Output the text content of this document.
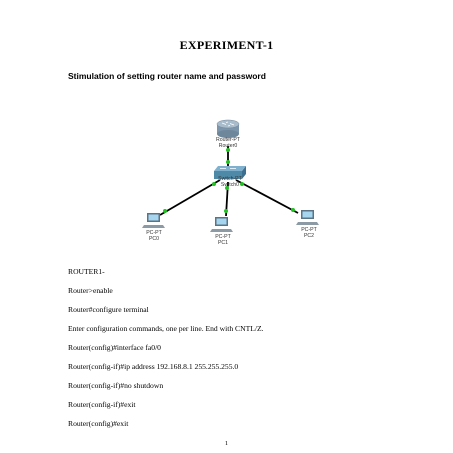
EXPERIMENT-1
Stimulation of setting router name and password
Router-PT
Router0
Switch-PT
Switch0
PC-PT
PC0	PC-PT
PC1
PC-PT
PC2
ROUTER1-
Router>enable
Router#configure terminal
Enter configuration commands, one per line. End with CNTL/Z.
Router(config)#interface fa0/0
Router(config-if)#ip address 192.168.8.1 255.255.255.0
Router(config-if)#no shutdown
Router(config-if)#exit
Router(config)#exit
1
